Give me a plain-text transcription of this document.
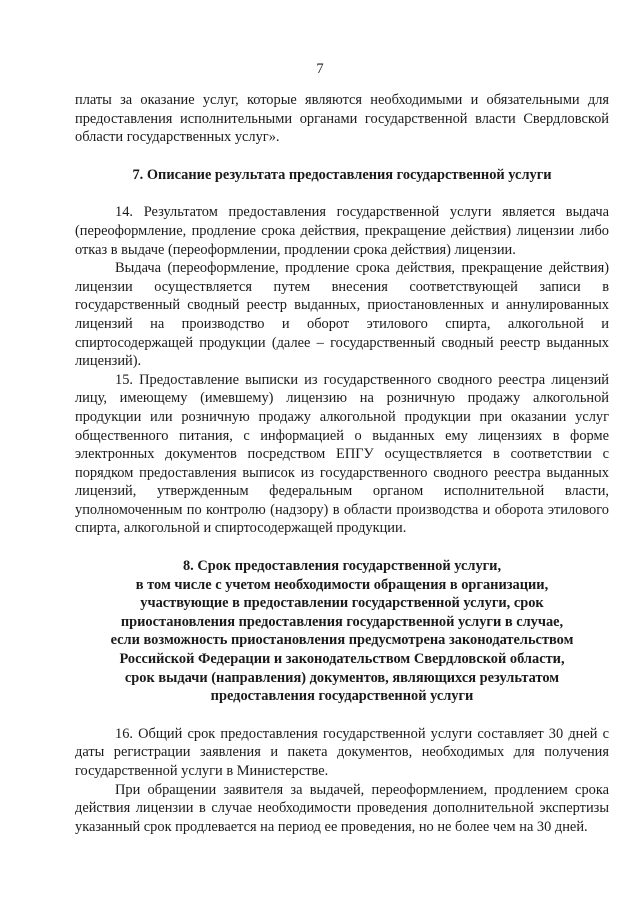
7

платы за оказание услуг, которые являются необходимыми и обязательными для предоставления исполнительными органами государственной власти Свердловской области государственных услуг».

7. Описание результата предоставления государственной услуги

14. Результатом предоставления государственной услуги является выдача (переоформление, продление срока действия, прекращение действия) лицензии либо отказ в выдаче (переоформлении, продлении срока действия) лицензии.

Выдача (переоформление, продление срока действия, прекращение действия) лицензии осуществляется путем внесения соответствующей записи в государственный сводный реестр выданных, приостановленных и аннулированных лицензий на производство и оборот этилового спирта, алкогольной и спиртосодержащей продукции (далее – государственный сводный реестр выданных лицензий).

15. Предоставление выписки из государственного сводного реестра лицензий лицу, имеющему (имевшему) лицензию на розничную продажу алкогольной продукции или розничную продажу алкогольной продукции при оказании услуг общественного питания, с информацией о выданных ему лицензиях в форме электронных документов посредством ЕПГУ осуществляется в соответствии с порядком предоставления выписок из государственного сводного реестра выданных лицензий, утвержденным федеральным органом исполнительной власти, уполномоченным по контролю (надзору) в области производства и оборота этилового спирта, алкогольной и спиртосодержащей продукции.

8. Срок предоставления государственной услуги,
в том числе с учетом необходимости обращения в организации,
участвующие в предоставлении государственной услуги, срок
приостановления предоставления государственной услуги в случае,
если возможность приостановления предусмотрена законодательством
Российской Федерации и законодательством Свердловской области,
срок выдачи (направления) документов, являющихся результатом
предоставления государственной услуги

16. Общий срок предоставления государственной услуги составляет 30 дней с даты регистрации заявления и пакета документов, необходимых для получения государственной услуги в Министерстве.

При обращении заявителя за выдачей, переоформлением, продлением срока действия лицензии в случае необходимости проведения дополнительной экспертизы указанный срок продлевается на период ее проведения, но не более чем на 30 дней.
